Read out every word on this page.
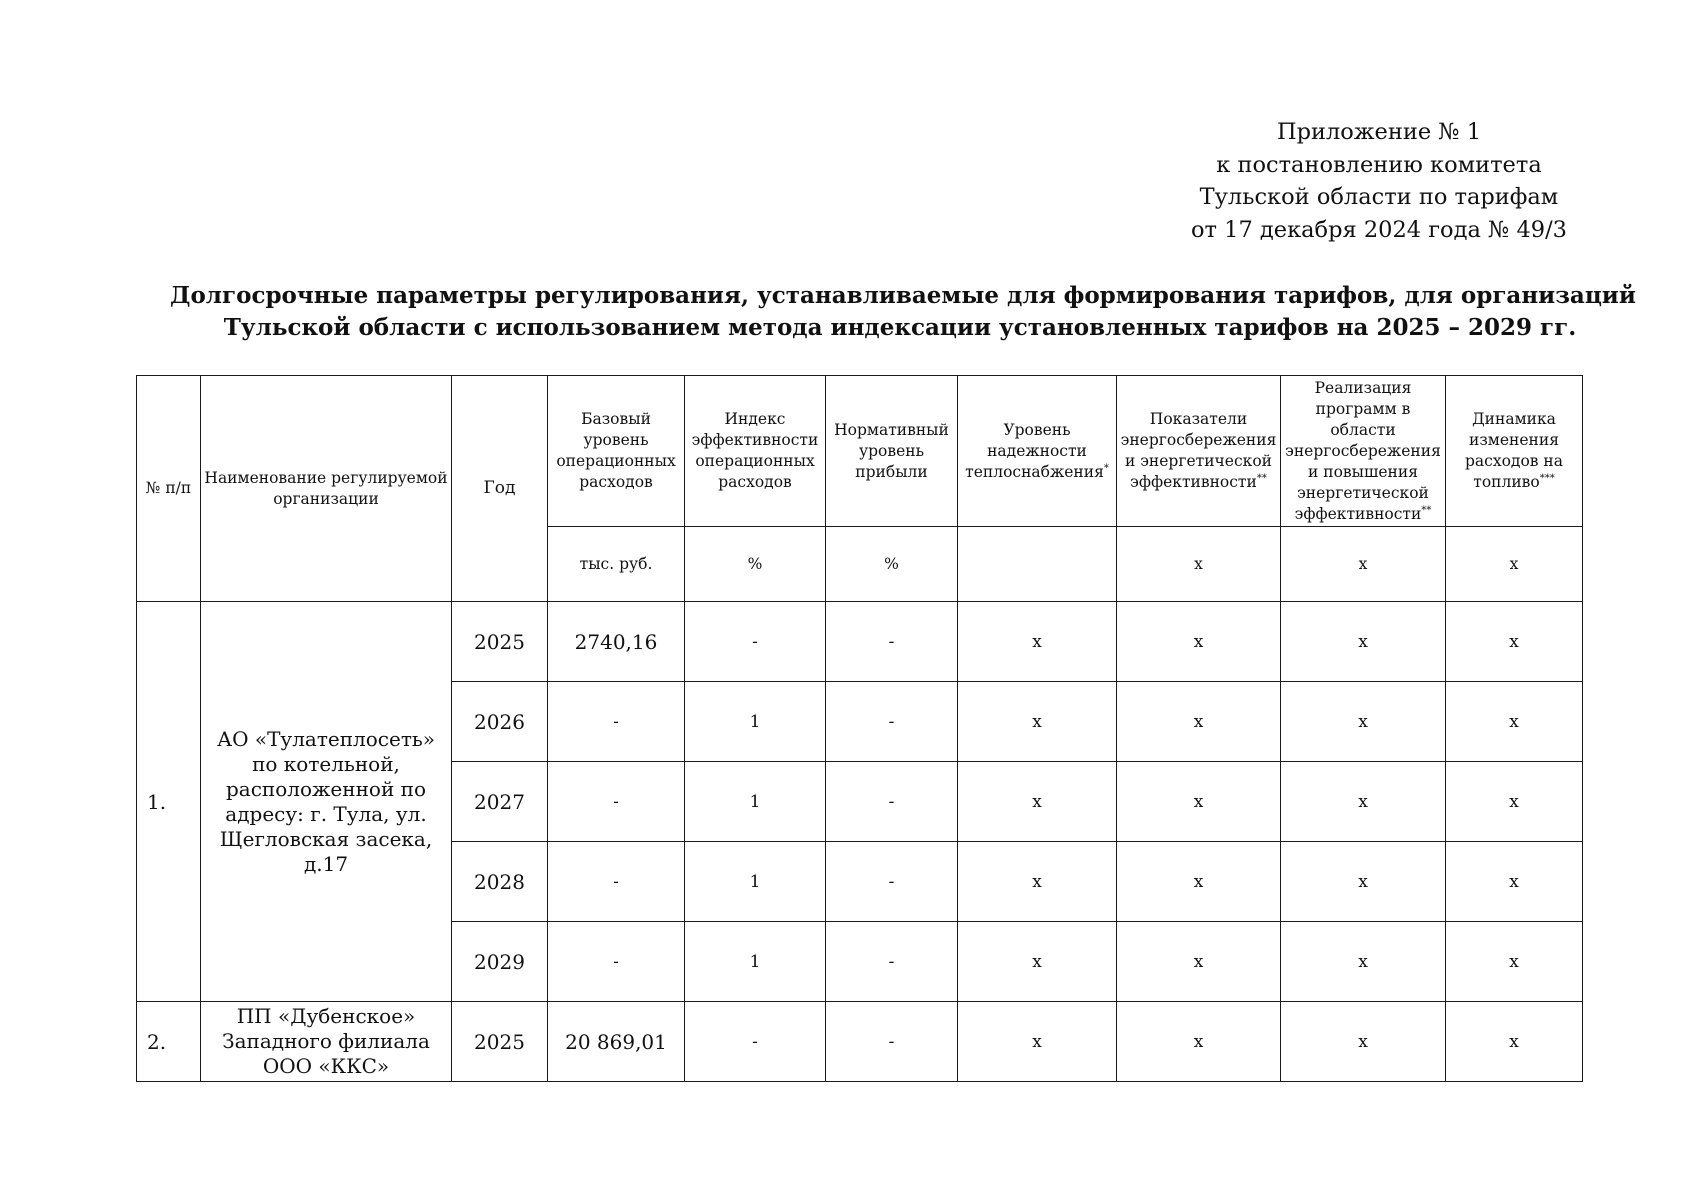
Приложение № 1
к постановлению комитета
Тульской области по тарифам
от 17 декабря 2024 года № 49/3
Долгосрочные параметры регулирования, устанавливаемые для формирования тарифов, для организаций
Тульской области с использованием метода индексации установленных тарифов на 2025 – 2029 гг.
№ п/п	Наименование регулируемой организации	Год	Базовый уровень операционных расходов	Индекс эффективности операционных расходов	Нормативный уровень прибыли	Уровень надежности теплоснабжения*	Показатели энергосбережения и энергетической эффективности**	Реализация программ в области энергосбережения и повышения энергетической эффективности**	Динамика изменения расходов на топливо***
			тыс. руб.	%	%		x	x	x
1.	АО «Тулатеплосеть» по котельной, расположенной по адресу: г. Тула, ул. Щегловская засека, д.17	2025	2740,16	-	-	x	x	x	x
		2026	-	1	-	x	x	x	x
		2027	-	1	-	x	x	x	x
		2028	-	1	-	x	x	x	x
		2029	-	1	-	x	x	x	x
2.	ПП «Дубенское» Западного филиала ООО «ККС»	2025	20 869,01	-	-	x	x	x	x
